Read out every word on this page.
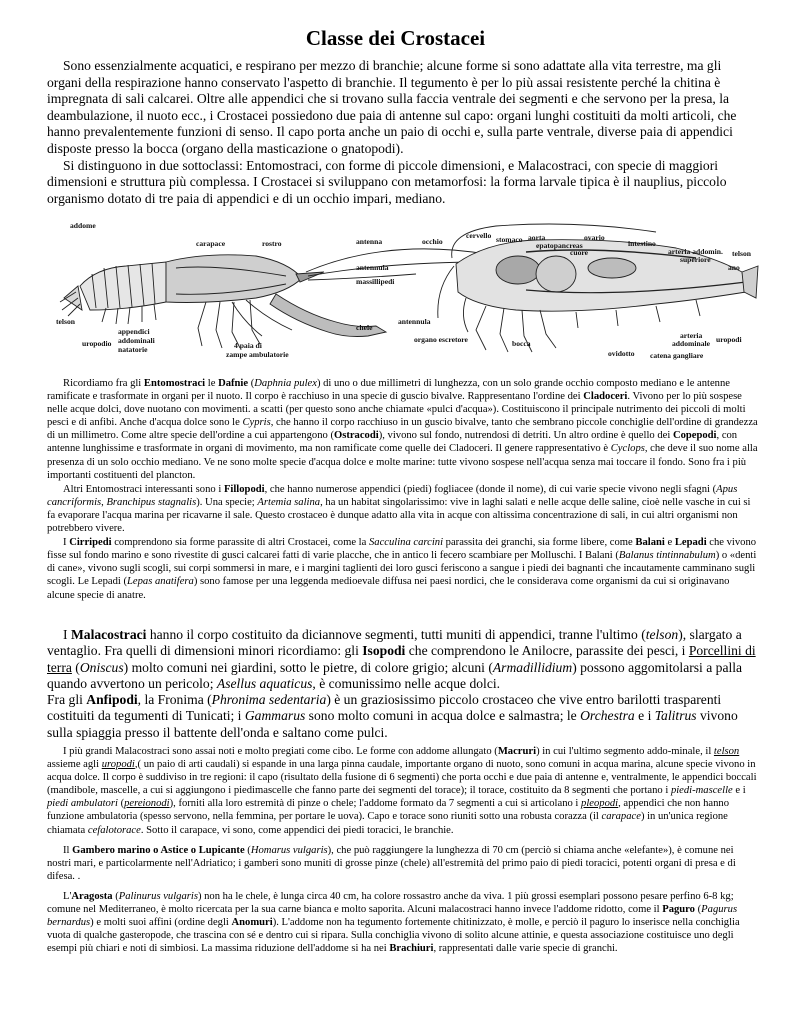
Classe dei Crostacei

Sono essenzialmente acquatici, e respirano per mezzo di branchie; alcune forme si sono adattate alla vita terrestre, ma gli organi della respirazione hanno conservato l'aspetto di branchie. Il tegumento è per lo più assai resistente perché la chitina è impregnata di sali calcarei. Oltre alle appendici che si trovano sulla faccia ventrale dei segmenti e che servono per la presa, la deambulazione, il nuoto ecc., i Crostacei possiedono due paia di antenne sul capo: organi lunghi costituiti da molti articoli, che hanno prevalentemente funzioni di senso. Il capo porta anche un paio di occhi e, sulla parte ventrale, diverse paia di appendici disposte presso la bocca (organo della masticazione o gnatopodi).

Si distinguono in due sottoclassi: Entomostraci, con forme di piccole dimensioni, e Malacostraci, con specie di maggiori dimensioni e struttura più complessa. I Crostacei si sviluppano con metamorfosi: la forma larvale tipica è il nauplius, piccolo organismo dotato di tre paia di appendici e di un occhio impari, mediano.

addome
carapace	rostro	antenna
antennula
massillipedi
chele
telson
uropodio
appendici
addominali
natatorie	4 paia di
zampe ambulatorie
occhio
cervello stomaco aorta
epatopancreas
ovario
cuore
intestino
arteria addomin.
superiore
telson
ano
antennula
organo escretore	bocca
ovidotto catena gangliare
arteria
addominale uropodi

Ricordiamo fra gli Entomostraci le Dafnie (Daphnia pulex) di uno o due millimetri di lunghezza, con un solo grande occhio composto mediano e le antenne ramificate e trasformate in organi per il nuoto. Il corpo è racchiuso in una specie di guscio bivalve. Rappresentano l'ordine dei Cladoceri. Vivono per lo più sospese nelle acque dolci, dove nuotano con movimenti. a scatti (per questo sono anche chiamate «pulci d'acqua»). Costituiscono il principale nutrimento dei piccoli di molti pesci e di anfibi. Anche d'acqua dolce sono le Cypris, che hanno il corpo racchiuso in un guscio bivalve, tanto che sembrano piccole conchiglie dell'ordine di grandezza di un millimetro. Come altre specie dell'ordine a cui appartengono (Ostracodi), vivono sul fondo, nutrendosi di detriti. Un altro ordine è quello dei Copepodi, con antenne lunghissime e trasformate in organi di movimento, ma non ramificate come quelle dei Cladoceri. Il genere rappresentativo è Cyclops, che deve il suo nome alla presenza di un solo occhio mediano. Ve ne sono molte specie d'acqua dolce e molte marine: tutte vivono sospese nell'acqua senza mai toccare il fondo. Sono fra i più importanti costituenti del plancton.

Altri Entomostraci interessanti sono i Fillopodi, che hanno numerose appendici (piedi) fogliacee (donde il nome), di cui varie specie vivono negli sfagni (Apus cancriformis, Branchipus stagnalis). Una specie; Artemia salina, ha un habitat singolarissimo: vive in laghi salati e nelle acque delle saline, cioè nelle vasche in cui si fa evaporare l'acqua marina per ricavarne il sale. Questo crostaceo è dunque adatto alla vita in acque con altissima concentrazione di sali, in cui altri organismi non potrebbero vivere.

I Cirripedi comprendono sia forme parassite di altri Crostacei, come la Sacculina carcini parassita dei granchi, sia forme libere, come Balani e Lepadi che vivono fisse sul fondo marino e sono rivestite di gusci calcarei fatti di varie placche, che in antico li fecero scambiare per Molluschi. I Balani (Balanus tintinnabulum) o «denti di cane», vivono sugli scogli, sui corpi sommersi in mare, e i margini taglienti dei loro gusci feriscono a sangue i piedi dei bagnanti che incautamente camminano sugli scogli. Le Lepadi (Lepas anatifera) sono famose per una leggenda medioevale diffusa nei paesi nordici, che le considerava come organismi da cui si originavano alcune specie di anatre.

I Malacostraci hanno il corpo costituito da diciannove segmenti, tutti muniti di appendici, tranne l'ultimo (telson), slargato a ventaglio. Fra quelli di dimensioni minori ricordiamo: gli Isopodi che comprendono le Anilocre, parassite dei pesci, i Porcellini di terra (Oniscus) molto comuni nei giardini, sotto le pietre, di colore grigio; alcuni (Armadillidium) possono aggomitolarsi a palla quando avvertono un pericolo; Asellus aquaticus, è comunissimo nelle acque dolci.

Fra gli Anfipodi, la Fronima (Phronima sedentaria) è un graziosissimo piccolo crostaceo che vive entro barilotti trasparenti costituiti da tegumenti di Tunicati; i Gammarus sono molto comuni in acqua dolce e salmastra; le Orchestra e i Talitrus vivono sulla spiaggia presso il battente dell'onda e saltano come pulci.

I più grandi Malacostraci sono assai noti e molto pregiati come cibo. Le forme con addome allungato (Macruri) in cui l'ultimo segmento addo-minale, il telson assieme agli uropodi,( un paio di arti caudali) si espande in una larga pinna caudale, importante organo di nuoto, sono comuni in acqua marina, alcune specie vivono in acqua dolce. Il corpo è suddiviso in tre regioni: il capo (risultato della fusione di 6 segmenti) che porta occhi e due paia di antenne e, ventralmente, le appendici boccali (mandibole, mascelle, a cui si aggiungono i piedimascelle che fanno parte dei segmenti del torace); il torace, costituito da 8 segmenti che portano i piedi-mascelle e i piedi ambulatori (pereionodi), forniti alla loro estremità di pinze o chele; l'addome formato da 7 segmenti a cui si articolano i pleopodi, appendici che non hanno funzione ambulatoria (spesso servono, nella femmina, per portare le uova). Capo e torace sono riuniti sotto una robusta corazza (il carapace) in un'unica regione chiamata cefalotorace. Sotto il carapace, vi sono, come appendici dei piedi toracici, le branchie.

Il Gambero marino o Astice o Lupicante (Homarus vulgaris), che può raggiungere la lunghezza di 70 cm (perciò si chiama anche «elefante»), è comune nei nostri mari, e particolarmente nell'Adriatico; i gamberi sono muniti di grosse pinze (chele) all'estremità del primo paio di piedi toracici, potenti organi di presa e di difesa. .

L'Aragosta (Palinurus vulgaris) non ha le chele, è lunga circa 40 cm, ha colore rossastro anche da viva. 1 più grossi esemplari possono pesare perfino 6-8 kg; comune nel Mediterraneo, è molto ricercata per la sua carne bianca e molto saporita. Alcuni malacostraci hanno invece l'addome ridotto, come il Paguro (Pagurus bernardus) e molti suoi affini (ordine degli Anomuri). L'addome non ha tegumento fortemente chitinizzato, è molle, e perciò il paguro lo inserisce nella conchiglia vuota di qualche gasteropode, che trascina con sé e dentro cui si ripara. Sulla conchiglia vivono di solito alcune attinie, e questa associazione costituisce uno degli esempi più chiari e noti di simbiosi. La massima riduzione dell'addome si ha nei Brachiuri, rappresentati dalle varie specie di granchi.
